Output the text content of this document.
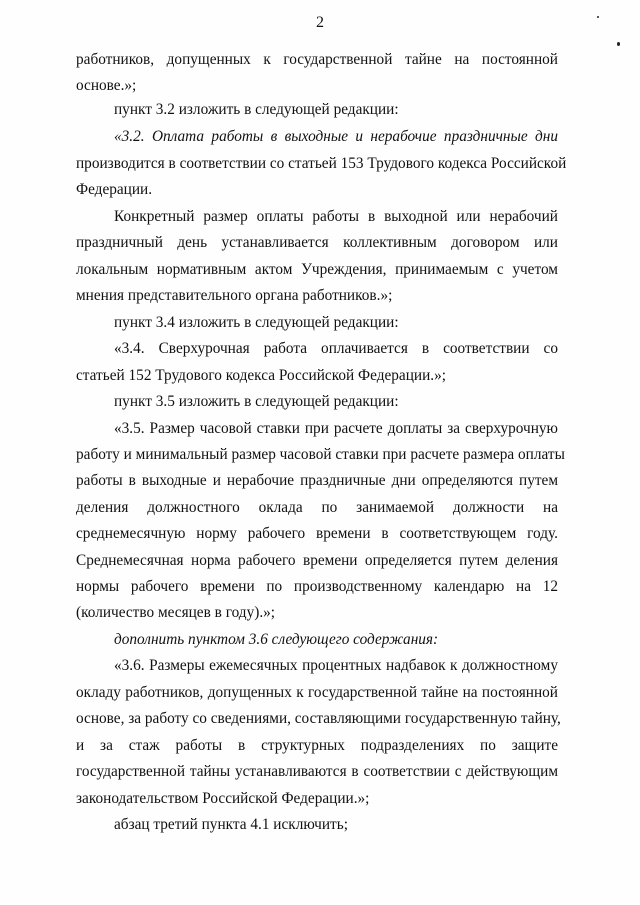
2
работников, допущенных к государственной тайне на постоянной
основе.»;
пункт 3.2 изложить в следующей редакции:
«3.2. Оплата работы в выходные и нерабочие праздничные дни
производится в соответствии со статьей 153 Трудового кодекса Российской
Федерации.
Конкретный размер оплаты работы в выходной или нерабочий
праздничный день устанавливается коллективным договором или
локальным нормативным актом Учреждения, принимаемым с учетом
мнения представительного органа работников.»;
пункт 3.4 изложить в следующей редакции:
«3.4. Сверхурочная работа оплачивается в соответствии со
статьей 152 Трудового кодекса Российской Федерации.»;
пункт 3.5 изложить в следующей редакции:
«3.5. Размер часовой ставки при расчете доплаты за сверхурочную
работу и минимальный размер часовой ставки при расчете размера оплаты
работы в выходные и нерабочие праздничные дни определяются путем
деления должностного оклада по занимаемой должности на
среднемесячную норму рабочего времени в соответствующем году.
Среднемесячная норма рабочего времени определяется путем деления
нормы рабочего времени по производственному календарю на 12
(количество месяцев в году).»;
дополнить пунктом 3.6 следующего содержания:
«3.6. Размеры ежемесячных процентных надбавок к должностному
окладу работников, допущенных к государственной тайне на постоянной
основе, за работу со сведениями, составляющими государственную тайну,
и за стаж работы в структурных подразделениях по защите
государственной тайны устанавливаются в соответствии с действующим
законодательством Российской Федерации.»;
абзац третий пункта 4.1 исключить;
